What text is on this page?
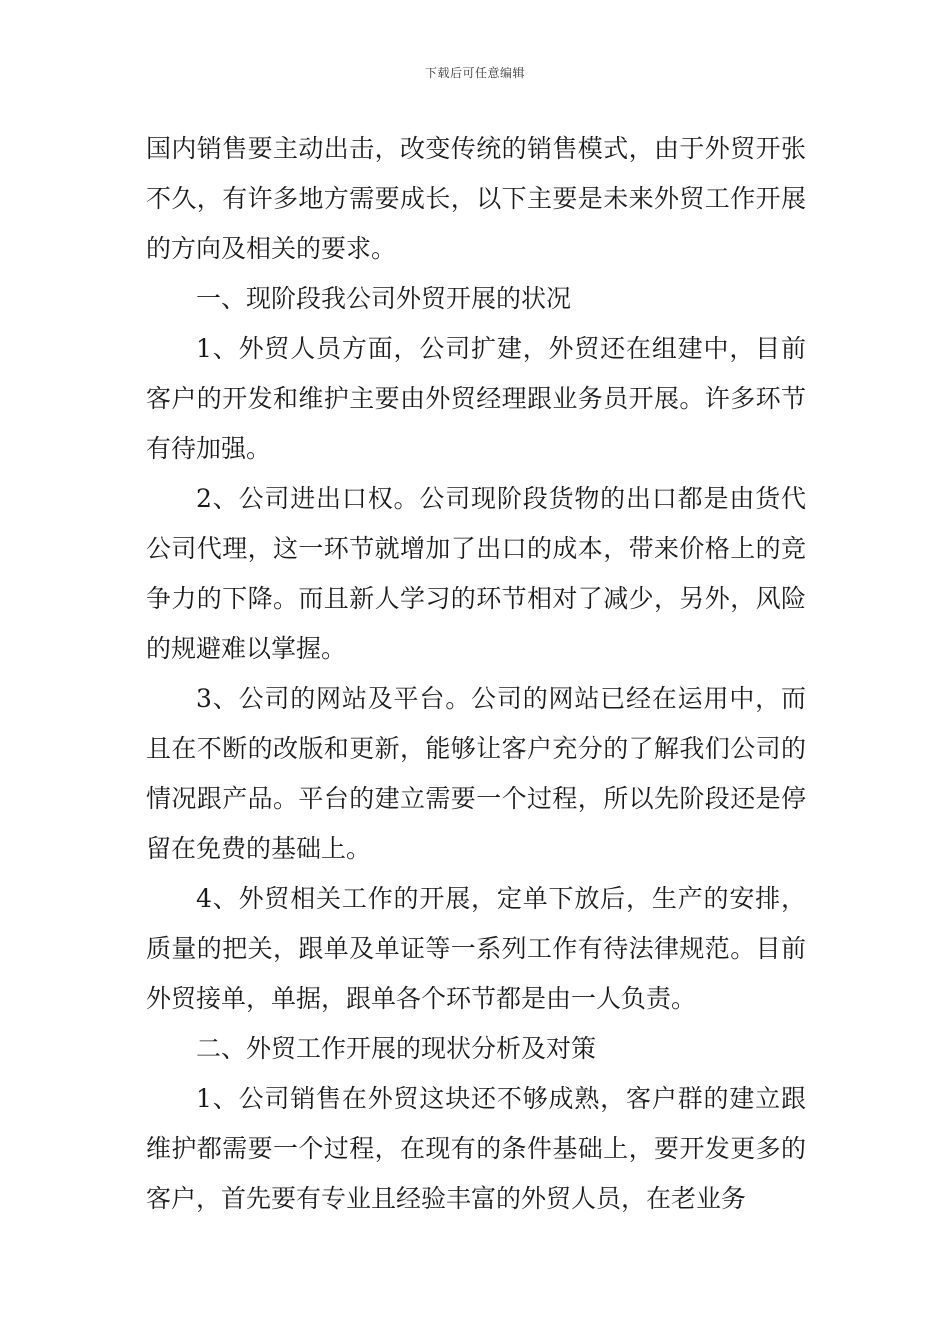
下载后可任意编辑

国内销售要主动出击，改变传统的销售模式，由于外贸开张不久，有许多地方需要成长，以下主要是未来外贸工作开展的方向及相关的要求。

一、现阶段我公司外贸开展的状况

1、外贸人员方面，公司扩建，外贸还在组建中，目前客户的开发和维护主要由外贸经理跟业务员开展。许多环节有待加强。

2、公司进出口权。公司现阶段货物的出口都是由货代公司代理，这一环节就增加了出口的成本，带来价格上的竞争力的下降。而且新人学习的环节相对了减少，另外，风险的规避难以掌握。

3、公司的网站及平台。公司的网站已经在运用中，而且在不断的改版和更新，能够让客户充分的了解我们公司的情况跟产品。平台的建立需要一个过程，所以先阶段还是停留在免费的基础上。

4、外贸相关工作的开展，定单下放后，生产的安排，质量的把关，跟单及单证等一系列工作有待法律规范。目前外贸接单，单据，跟单各个环节都是由一人负责。

二、外贸工作开展的现状分析及对策

1、公司销售在外贸这块还不够成熟，客户群的建立跟维护都需要一个过程，在现有的条件基础上，要开发更多的客户，首先要有专业且经验丰富的外贸人员，在老业务
